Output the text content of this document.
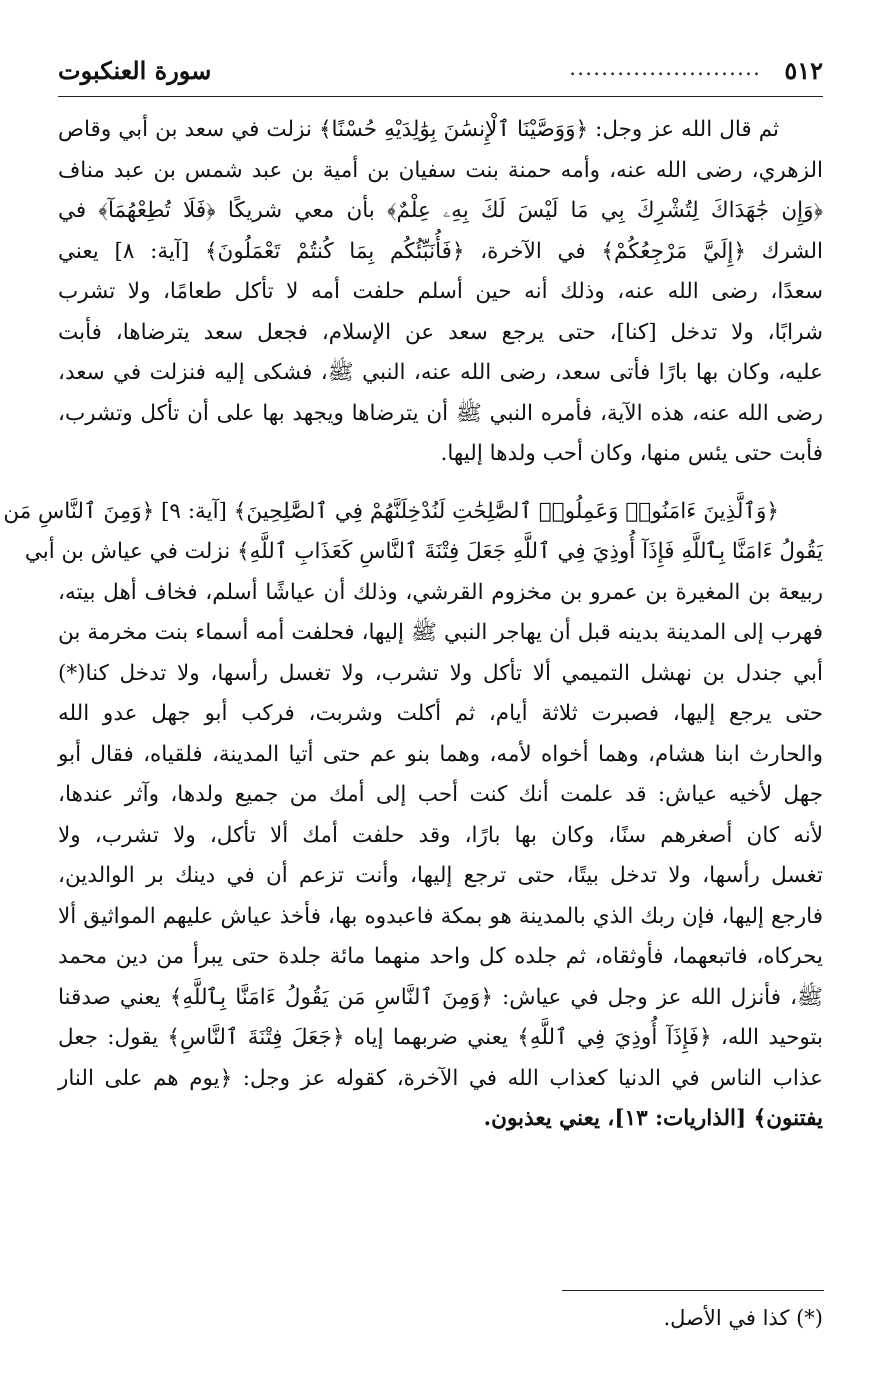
٥١٢
........................
سورة العنكبوت
ثم قال الله عز وجل: ﴿وَوَصَّيْنَا ٱلْإِنسَٰنَ بِوَٰلِدَيْهِ حُسْنًا﴾ نزلت في سعد بن أبي وقاص
الزهري، رضى الله عنه، وأمه حمنة بنت سفيان بن أمية بن عبد شمس بن عبد مناف
﴿وَإِن جَٰهَدَاكَ لِتُشْرِكَ بِي مَا لَيْسَ لَكَ بِهِۦ عِلْمٌ﴾ بأن معي شريكًا ﴿فَلَا تُطِعْهُمَآ﴾ في
الشرك ﴿إِلَيَّ مَرْجِعُكُمْ﴾ في الآخرة، ﴿فَأُنَبِّئُكُم بِمَا كُنتُمْ تَعْمَلُونَ﴾ [آية: ٨] يعني
سعدًا، رضى الله عنه، وذلك أنه حين أسلم حلفت أمه لا تأكل طعامًا، ولا تشرب
شرابًا، ولا تدخل [كنا]، حتى يرجع سعد عن الإسلام، فجعل سعد يترضاها، فأبت
عليه، وكان بها بارًا فأتى سعد، رضى الله عنه، النبي ﷺ، فشكى إليه فنزلت في سعد،
رضى الله عنه، هذه الآية، فأمره النبي ﷺ أن يترضاها ويجهد بها على أن تأكل وتشرب،
فأبت حتى يئس منها، وكان أحب ولدها إليها.
﴿وَٱلَّذِينَ ءَامَنُوا۟ وَعَمِلُوا۟ ٱلصَّٰلِحَٰتِ لَنُدْخِلَنَّهُمْ فِي ٱلصَّٰلِحِينَ﴾ [آية: ٩] ﴿وَمِنَ ٱلنَّاسِ مَن
يَقُولُ ءَامَنَّا بِٱللَّهِ فَإِذَآ أُوذِيَ فِي ٱللَّهِ جَعَلَ فِتْنَةَ ٱلنَّاسِ كَعَذَابِ ٱللَّهِ﴾ نزلت في عياش بن أبي
ربيعة بن المغيرة بن عمرو بن مخزوم القرشي، وذلك أن عياشًا أسلم، فخاف أهل بيته،
فهرب إلى المدينة بدينه قبل أن يهاجر النبي ﷺ إليها، فحلفت أمه أسماء بنت مخرمة بن
أبي جندل بن نهشل التميمي ألا تأكل ولا تشرب، ولا تغسل رأسها، ولا تدخل كنا(*)
حتى يرجع إليها، فصبرت ثلاثة أيام، ثم أكلت وشربت، فركب أبو جهل عدو الله
والحارث ابنا هشام، وهما أخواه لأمه، وهما بنو عم حتى أتيا المدينة، فلقياه، فقال أبو
جهل لأخيه عياش: قد علمت أنك كنت أحب إلى أمك من جميع ولدها، وآثر عندها،
لأنه كان أصغرهم سنًا، وكان بها بارًا، وقد حلفت أمك ألا تأكل، ولا تشرب، ولا
تغسل رأسها، ولا تدخل بيتًا، حتى ترجع إليها، وأنت تزعم أن في دينك بر الوالدين،
فارجع إليها، فإن ربك الذي بالمدينة هو بمكة فاعبدوه بها، فأخذ عياش عليهم المواثيق ألا
يحركاه، فاتبعهما، فأوثقاه، ثم جلده كل واحد منهما مائة جلدة حتى يبرأ من دين محمد
ﷺ، فأنزل الله عز وجل في عياش: ﴿وَمِنَ ٱلنَّاسِ مَن يَقُولُ ءَامَنَّا بِٱللَّهِ﴾ يعني صدقنا
بتوحيد الله، ﴿فَإِذَآ أُوذِيَ فِي ٱللَّهِ﴾ يعني ضربهما إياه ﴿جَعَلَ فِتْنَةَ ٱلنَّاسِ﴾ يقول: جعل
عذاب الناس في الدنيا كعذاب الله في الآخرة، كقوله عز وجل: ﴿يوم هم على النار
يفتنون﴾ [الذاريات: ١٣]، يعني يعذبون.
(*) كذا في الأصل.
